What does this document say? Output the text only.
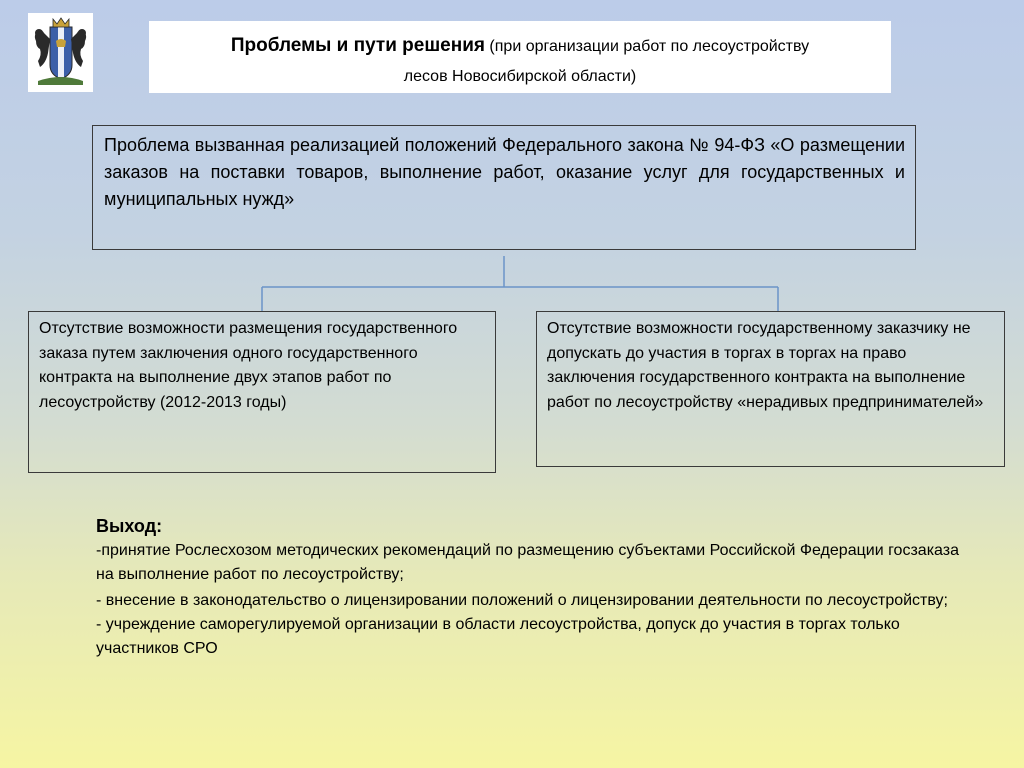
Проблемы и пути решения (при организации работ по лесоустройству
лесов Новосибирской области)
Проблема вызванная реализацией положений Федерального закона № 94-ФЗ «О размещении заказов на поставки товаров, выполнение работ, оказание услуг для государственных и муниципальных нужд»
Отсутствие возможности размещения государственного заказа путем заключения одного государственного контракта на выполнение двух этапов работ по лесоустройству (2012-2013 годы)
Отсутствие возможности государственному заказчику не допускать до участия в торгах в торгах на право заключения государственного контракта на выполнение работ по лесоустройству «нерадивых предпринимателей»
Выход:

-принятие Рослесхозом методических рекомендаций по размещению субъектами Российской Федерации госзаказа на выполнение работ по лесоустройству;

- внесение в законодательство о лицензировании положений о лицензировании деятельности по лесоустройству;

- учреждение саморегулируемой организации в области лесоустройства, допуск до участия в торгах только участников СРО
